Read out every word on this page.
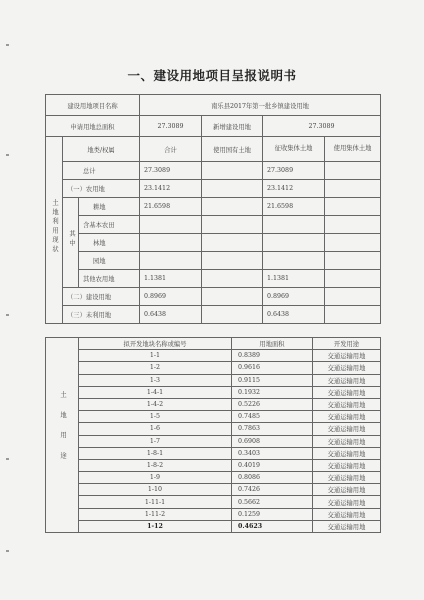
一、建设用地项目呈报说明书
建设用地项目名称			南乐县2017年第一批乡镇建设用地			
申请用地总面积			27.3089	新增建设用地	27.3089	
土地利用现状	地类/权属		合计	使用国有土地	征收集体土地	使用集体土地
	总计		27.3089		27.3089	
	（一）农用地		23.1412		23.1412	
	其中	耕地	21.6598		21.6598	
		含基本农田				
		林地				
		园地				
		其他农用地	1.1381		1.1381	
	（二）建设用地		0.8969		0.8969	
	（三）未利用地		0.6438		0.6438	
土地用途	拟开发地块名称或编号	用地面积	开发用途
	1-1	0.8389	交通运输用地
	1-2	0.9616	交通运输用地
	1-3	0.9115	交通运输用地
	1-4-1	0.1932	交通运输用地
	1-4-2	0.5226	交通运输用地
	1-5	0.7485	交通运输用地
	1-6	0.7863	交通运输用地
	1-7	0.6908	交通运输用地
	1-8-1	0.3403	交通运输用地
	1-8-2	0.4019	交通运输用地
	1-9	0.8086	交通运输用地
	1-10	0.7426	交通运输用地
	1-11-1	0.5662	交通运输用地
	1-11-2	0.1259	交通运输用地
	1-12	0.4623	交通运输用地
